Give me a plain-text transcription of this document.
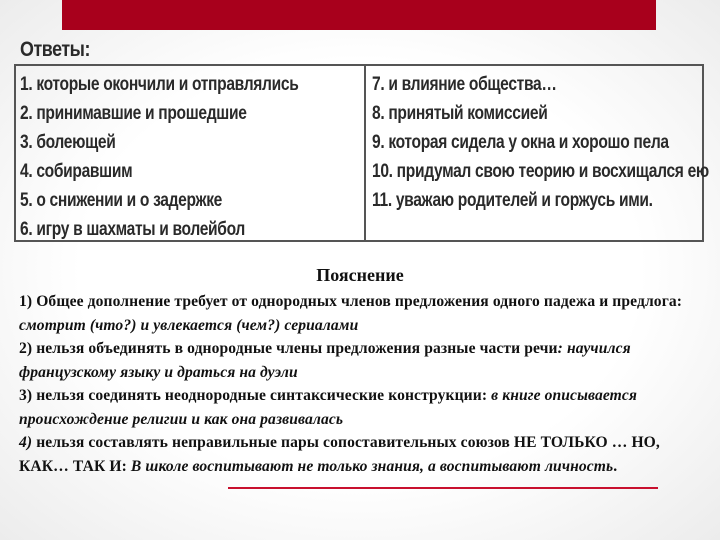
Ответы:
1. которые окончили и отправлялись
2. принимавшие и прошедшие
3. болеющей
4. собиравшим
5. о снижении и о задержке
6. игру в шахматы и волейбол
7. и влияние общества…
8. принятый комиссией
9. которая сидела у окна и хорошо пела
10. придумал свою теорию и восхищался ею
11. уважаю родителей и горжусь ими.
Пояснение

1) Общее дополнение требует от однородных членов предложения одного падежа и предлога: смотрит (что?) и увлекается (чем?) сериалами

2) нельзя объединять в однородные члены предложения разные части речи: научился французскому языку и драться на дуэли

3) нельзя соединять неоднородные синтаксические конструкции: в книге описывается происхождение религии и как она развивалась

4) нельзя составлять неправильные пары сопоставительных союзов НЕ ТОЛЬКО … НО, КАК… ТАК И: В школе воспитывают не только знания, а воспитывают личность.
